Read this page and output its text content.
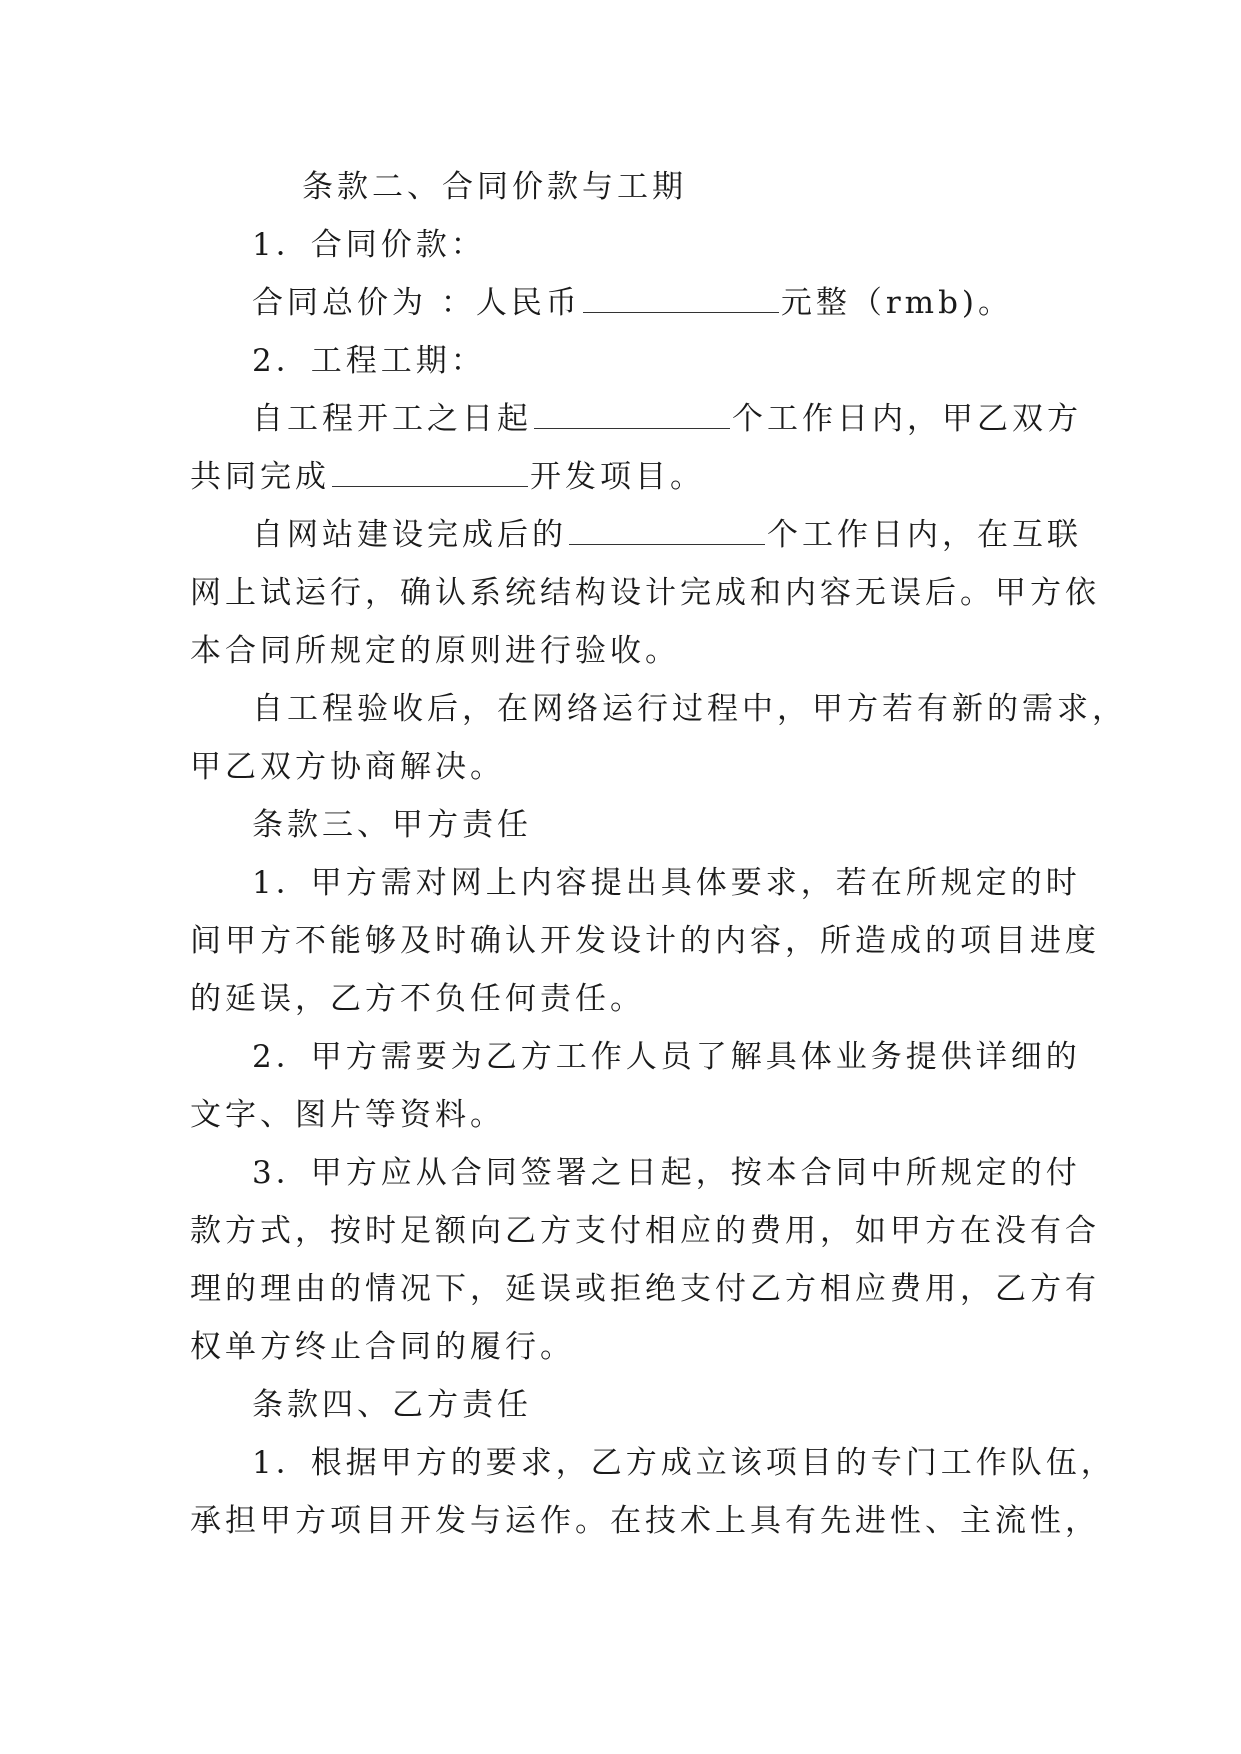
条款二、合同价款与工期
1．合同价款：
合同总价为 ：人民币	元整（rmb)。
2．工程工期：
自工程开工之日起	个工作日内，甲乙双方
共同完成	开发项目。
自网站建设完成后的	个工作日内，在互联
网上试运行，确认系统结构设计完成和内容无误后。甲方依
本合同所规定的原则进行验收。
自工程验收后，在网络运行过程中，甲方若有新的需求，
甲乙双方协商解决。
条款三、甲方责任
1．甲方需对网上内容提出具体要求，若在所规定的时
间甲方不能够及时确认开发设计的内容，所造成的项目进度
的延误，乙方不负任何责任。
2．甲方需要为乙方工作人员了解具体业务提供详细的
文字、图片等资料。
3．甲方应从合同签署之日起，按本合同中所规定的付
款方式，按时足额向乙方支付相应的费用，如甲方在没有合
理的理由的情况下，延误或拒绝支付乙方相应费用，乙方有
权单方终止合同的履行。
条款四、乙方责任
1．根据甲方的要求，乙方成立该项目的专门工作队伍，
承担甲方项目开发与运作。在技术上具有先进性、主流性，
